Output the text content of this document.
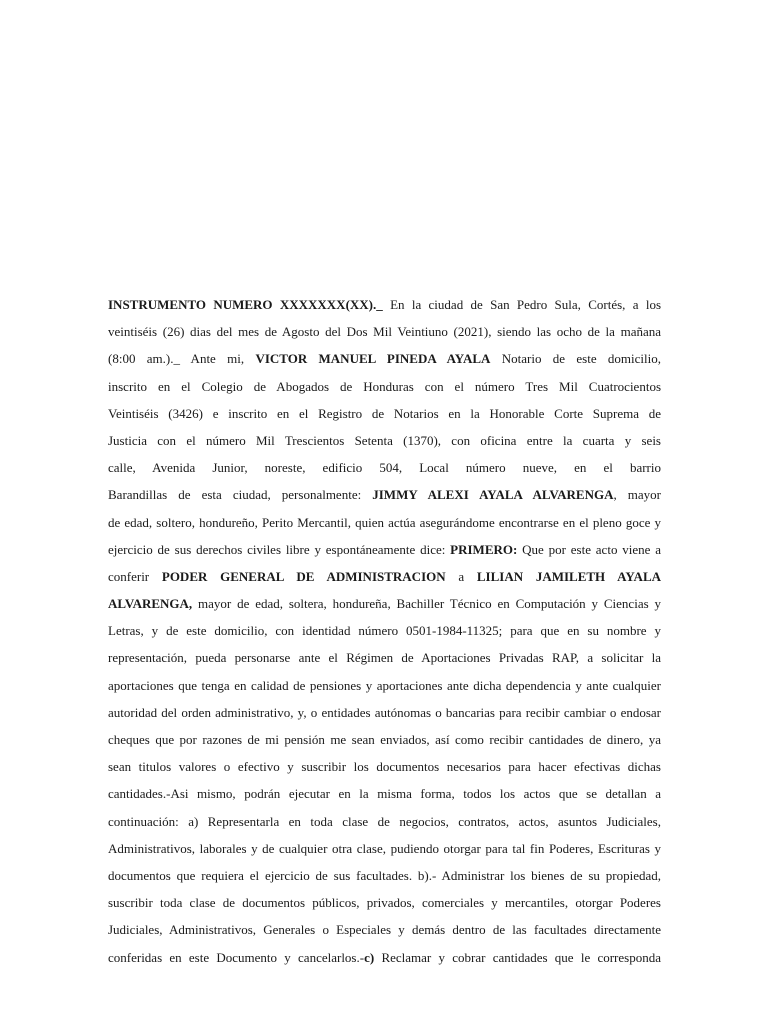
INSTRUMENTO NUMERO XXXXXXX(XX)._ En la ciudad de San Pedro Sula, Cortés, a los
veintiséis (26) dias del mes de Agosto del Dos Mil Veintiuno (2021), siendo las ocho de la mañana
(8:00 am.)._ Ante mi, VICTOR MANUEL PINEDA AYALA Notario de este domicilio,
inscrito en el Colegio de Abogados de Honduras con el número Tres Mil Cuatrocientos
Veintiséis (3426) e inscrito en el Registro de Notarios en la Honorable Corte Suprema de
Justicia con el número Mil Trescientos Setenta (1370), con oficina entre la cuarta y seis
calle, Avenida Junior, noreste, edificio 504, Local número nueve, en el barrio
Barandillas de esta ciudad, personalmente: JIMMY ALEXI AYALA ALVARENGA, mayor
de edad, soltero, hondureño, Perito Mercantil, quien actúa asegurándome encontrarse en el pleno goce y
ejercicio de sus derechos civiles libre y espontáneamente dice: PRIMERO: Que por este acto viene a
conferir PODER GENERAL DE ADMINISTRACION a LILIAN JAMILETH AYALA
ALVARENGA, mayor de edad, soltera, hondureña, Bachiller Técnico en Computación y Ciencias y
Letras, y de este domicilio, con identidad número 0501-1984-11325; para que en su nombre y
representación, pueda personarse ante el Régimen de Aportaciones Privadas RAP, a solicitar la
aportaciones que tenga en calidad de pensiones y aportaciones ante dicha dependencia y ante cualquier
autoridad del orden administrativo, y, o entidades autónomas o bancarias para recibir cambiar o endosar
cheques que por razones de mi pensión me sean enviados, así como recibir cantidades de dinero, ya
sean titulos valores o efectivo y suscribir los documentos necesarios para hacer efectivas dichas
cantidades.-Asi mismo, podrán ejecutar en la misma forma, todos los actos que se detallan a
continuación: a) Representarla en toda clase de negocios, contratos, actos, asuntos Judiciales,
Administrativos, laborales y de cualquier otra clase, pudiendo otorgar para tal fin Poderes, Escrituras y
documentos que requiera el ejercicio de sus facultades. b).- Administrar los bienes de su propiedad,
suscribir toda clase de documentos públicos, privados, comerciales y mercantiles, otorgar Poderes
Judiciales, Administrativos, Generales o Especiales y demás dentro de las facultades directamente
conferidas en este Documento y cancelarlos.-c) Reclamar y cobrar cantidades que le corresponda
